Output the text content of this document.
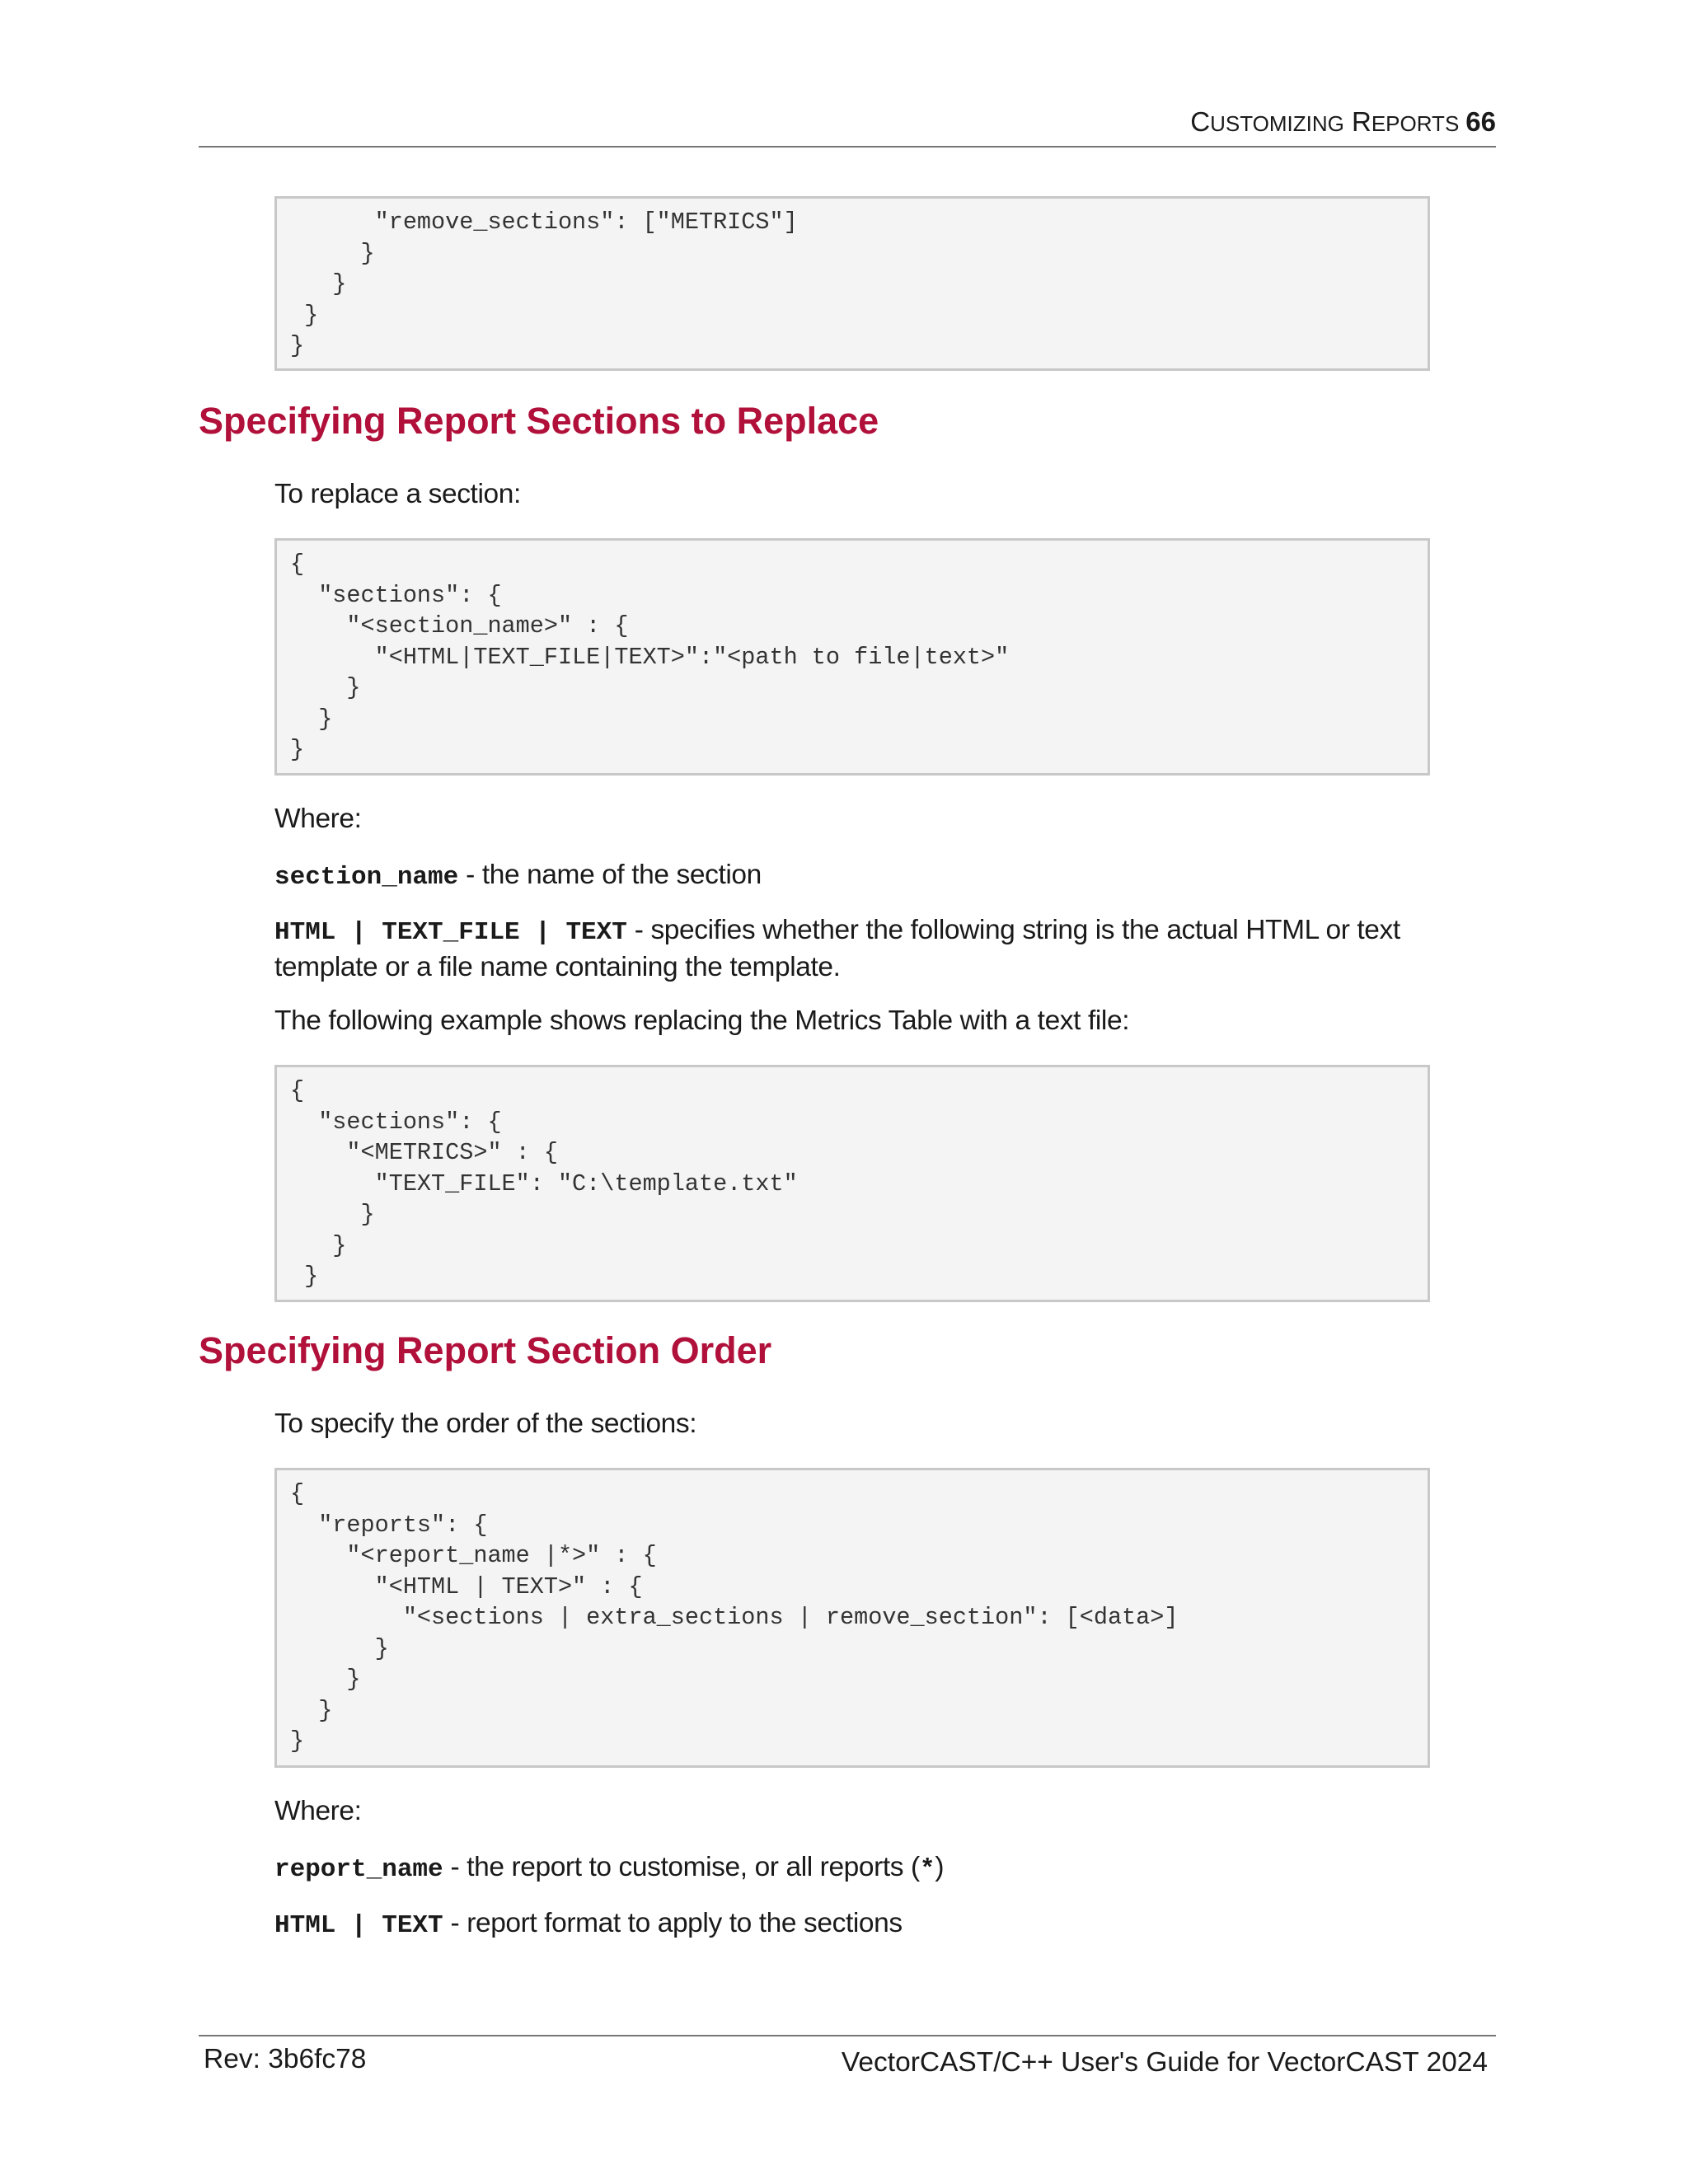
CUSTOMIZING REPORTS 66
"remove_sections": ["METRICS"]
}
}
}
}
Specifying Report Sections to Replace

To replace a section:

{
"sections": {
"<section_name>" : {
"<HTML|TEXT_FILE|TEXT>":"<path to file|text>"
}
}
}

Where:

section_name - the name of the section

HTML | TEXT_FILE | TEXT - specifies whether the following string is the actual HTML or text template or a file name containing the template.

The following example shows replacing the Metrics Table with a text file:

{
"sections": {
"<METRICS>" : {
"TEXT_FILE": "C:\template.txt"
}
}
}
Specifying Report Section Order

To specify the order of the sections:

{
"reports": {
"<report_name |*>" : {
"<HTML | TEXT>" : {
"<sections | extra_sections | remove_section": [<data>]
}
}
}
}

Where:

report_name - the report to customise, or all reports (*)

HTML | TEXT - report format to apply to the sections

Rev: 3b6fc78	VectorCAST/C++ User's Guide for VectorCAST 2024
